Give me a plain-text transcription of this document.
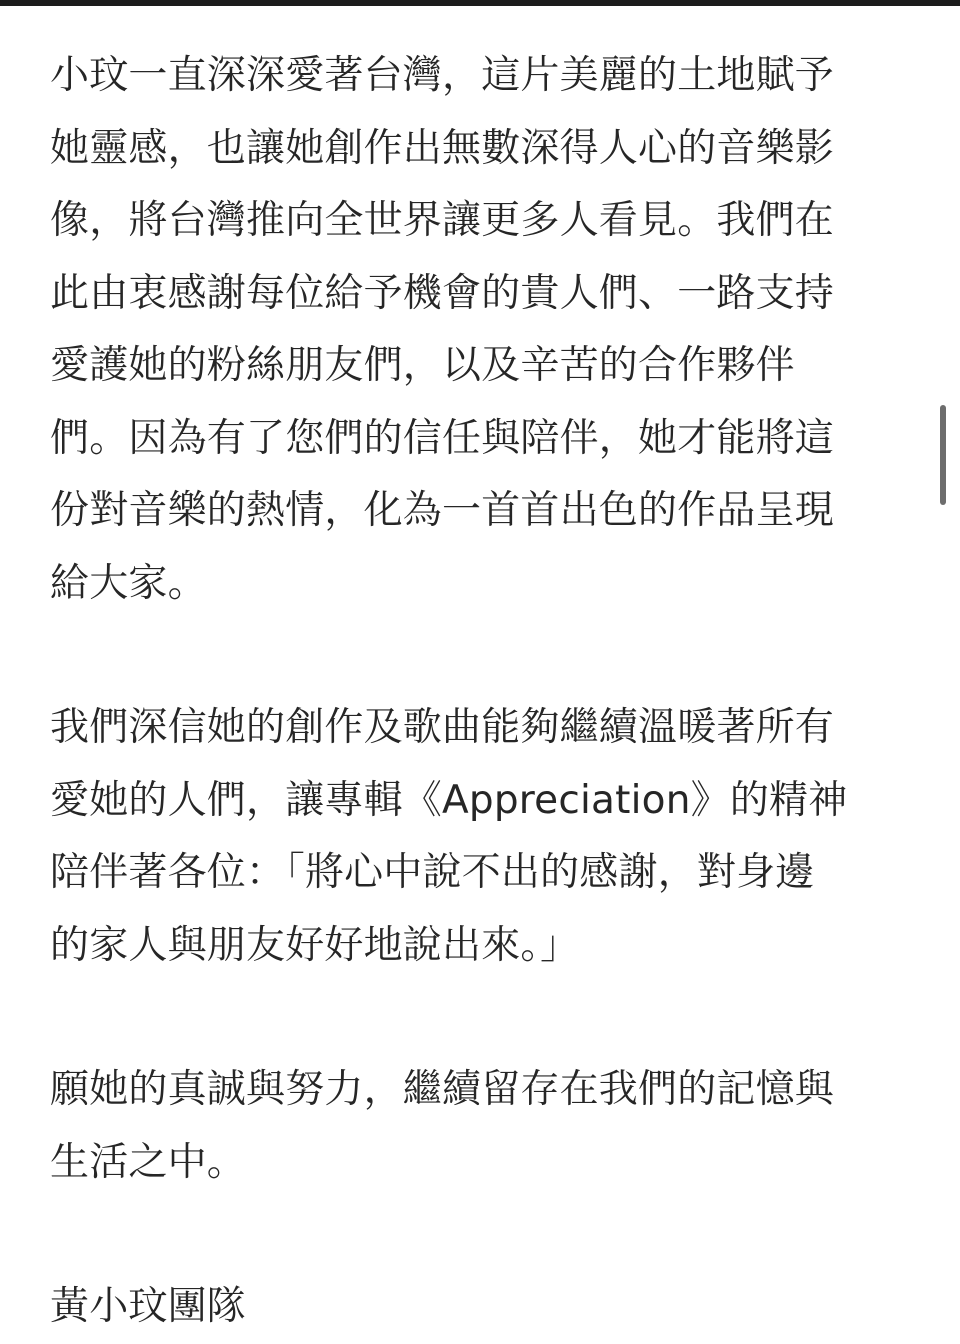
小玟一直深深愛著台灣，這片美麗的土地賦予
她靈感，也讓她創作出無數深得人心的音樂影
像，將台灣推向全世界讓更多人看見。我們在
此由衷感謝每位給予機會的貴人們、一路支持
愛護她的粉絲朋友們，以及辛苦的合作夥伴
們。因為有了您們的信任與陪伴，她才能將這
份對音樂的熱情，化為一首首出色的作品呈現
給大家。
我們深信她的創作及歌曲能夠繼續溫暖著所有
愛她的人們，讓專輯《Appreciation》的精神
陪伴著各位：「將心中說不出的感謝，對身邊
的家人與朋友好好地說出來。」
願她的真誠與努力，繼續留存在我們的記憶與
生活之中。
黃小玟團隊
